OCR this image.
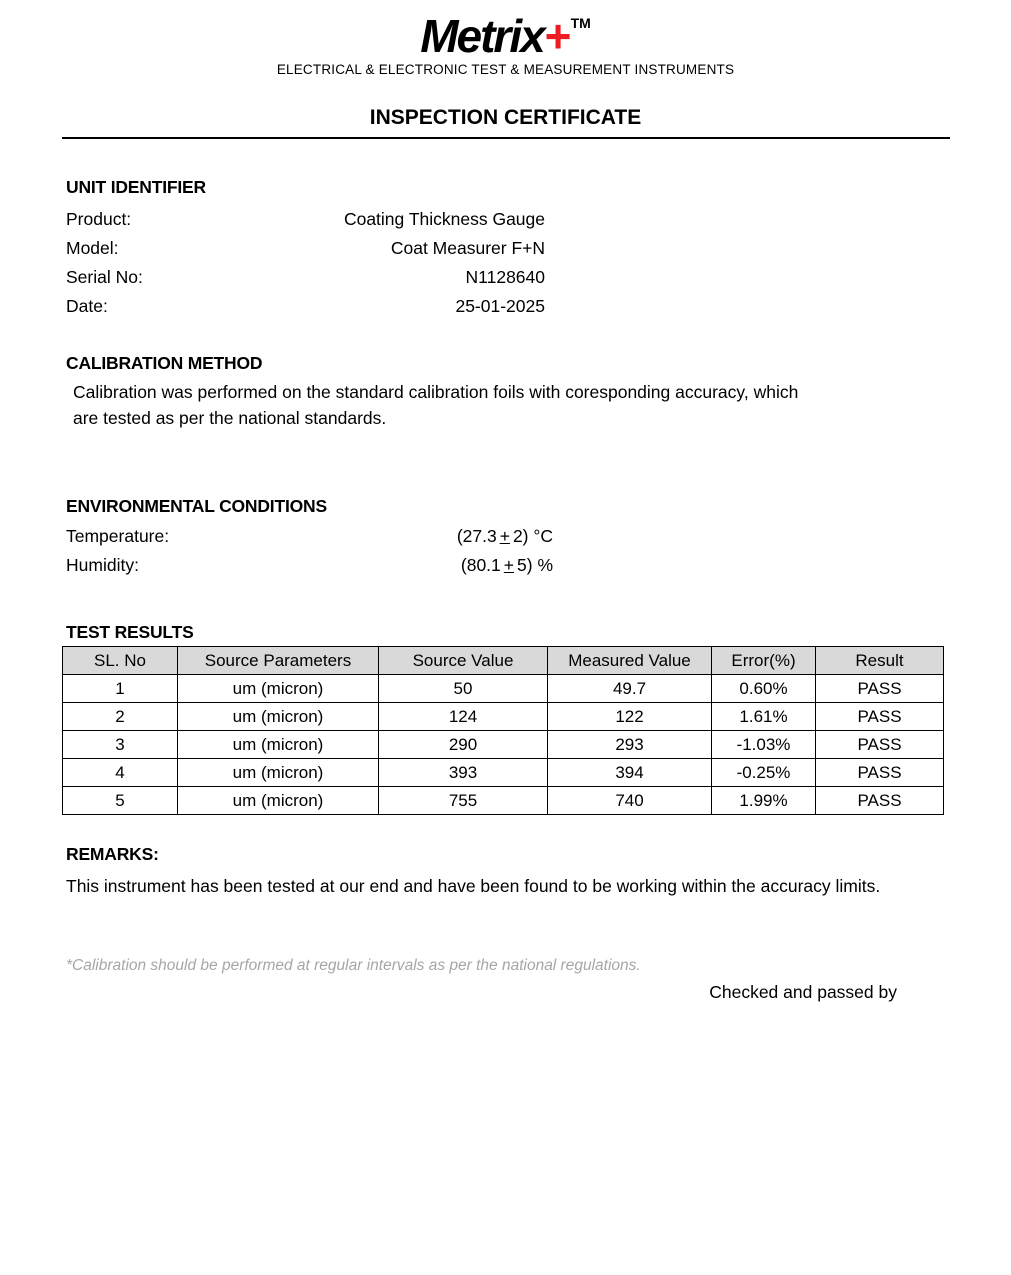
Metrix+ ™
ELECTRICAL & ELECTRONIC TEST & MEASUREMENT INSTRUMENTS
INSPECTION CERTIFICATE
UNIT IDENTIFIER
Product:	Coating Thickness Gauge
Model:	Coat Measurer F+N
Serial No:	N1128640
Date:	25-01-2025
CALIBRATION METHOD

Calibration was performed on the standard calibration foils with coresponding accuracy, which are tested as per the national standards.

ENVIRONMENTAL CONDITIONS
Temperature:	(27.3 + 2) °C
Humidity:	(80.1 + 5) %
TEST RESULTS
SL. No	Source Parameters	Source Value	Measured Value	Error(%)	Result
1	um (micron)	50	49.7	0.60%	PASS
2	um (micron)	124	122	1.61%	PASS
3	um (micron)	290	293	-1.03%	PASS
4	um (micron)	393	394	-0.25%	PASS
5	um (micron)	755	740	1.99%	PASS
REMARKS:

This instrument has been tested at our end and have been found to be working within the accuracy limits.

*Calibration should be performed at regular intervals as per the national regulations.
Checked and passed by
